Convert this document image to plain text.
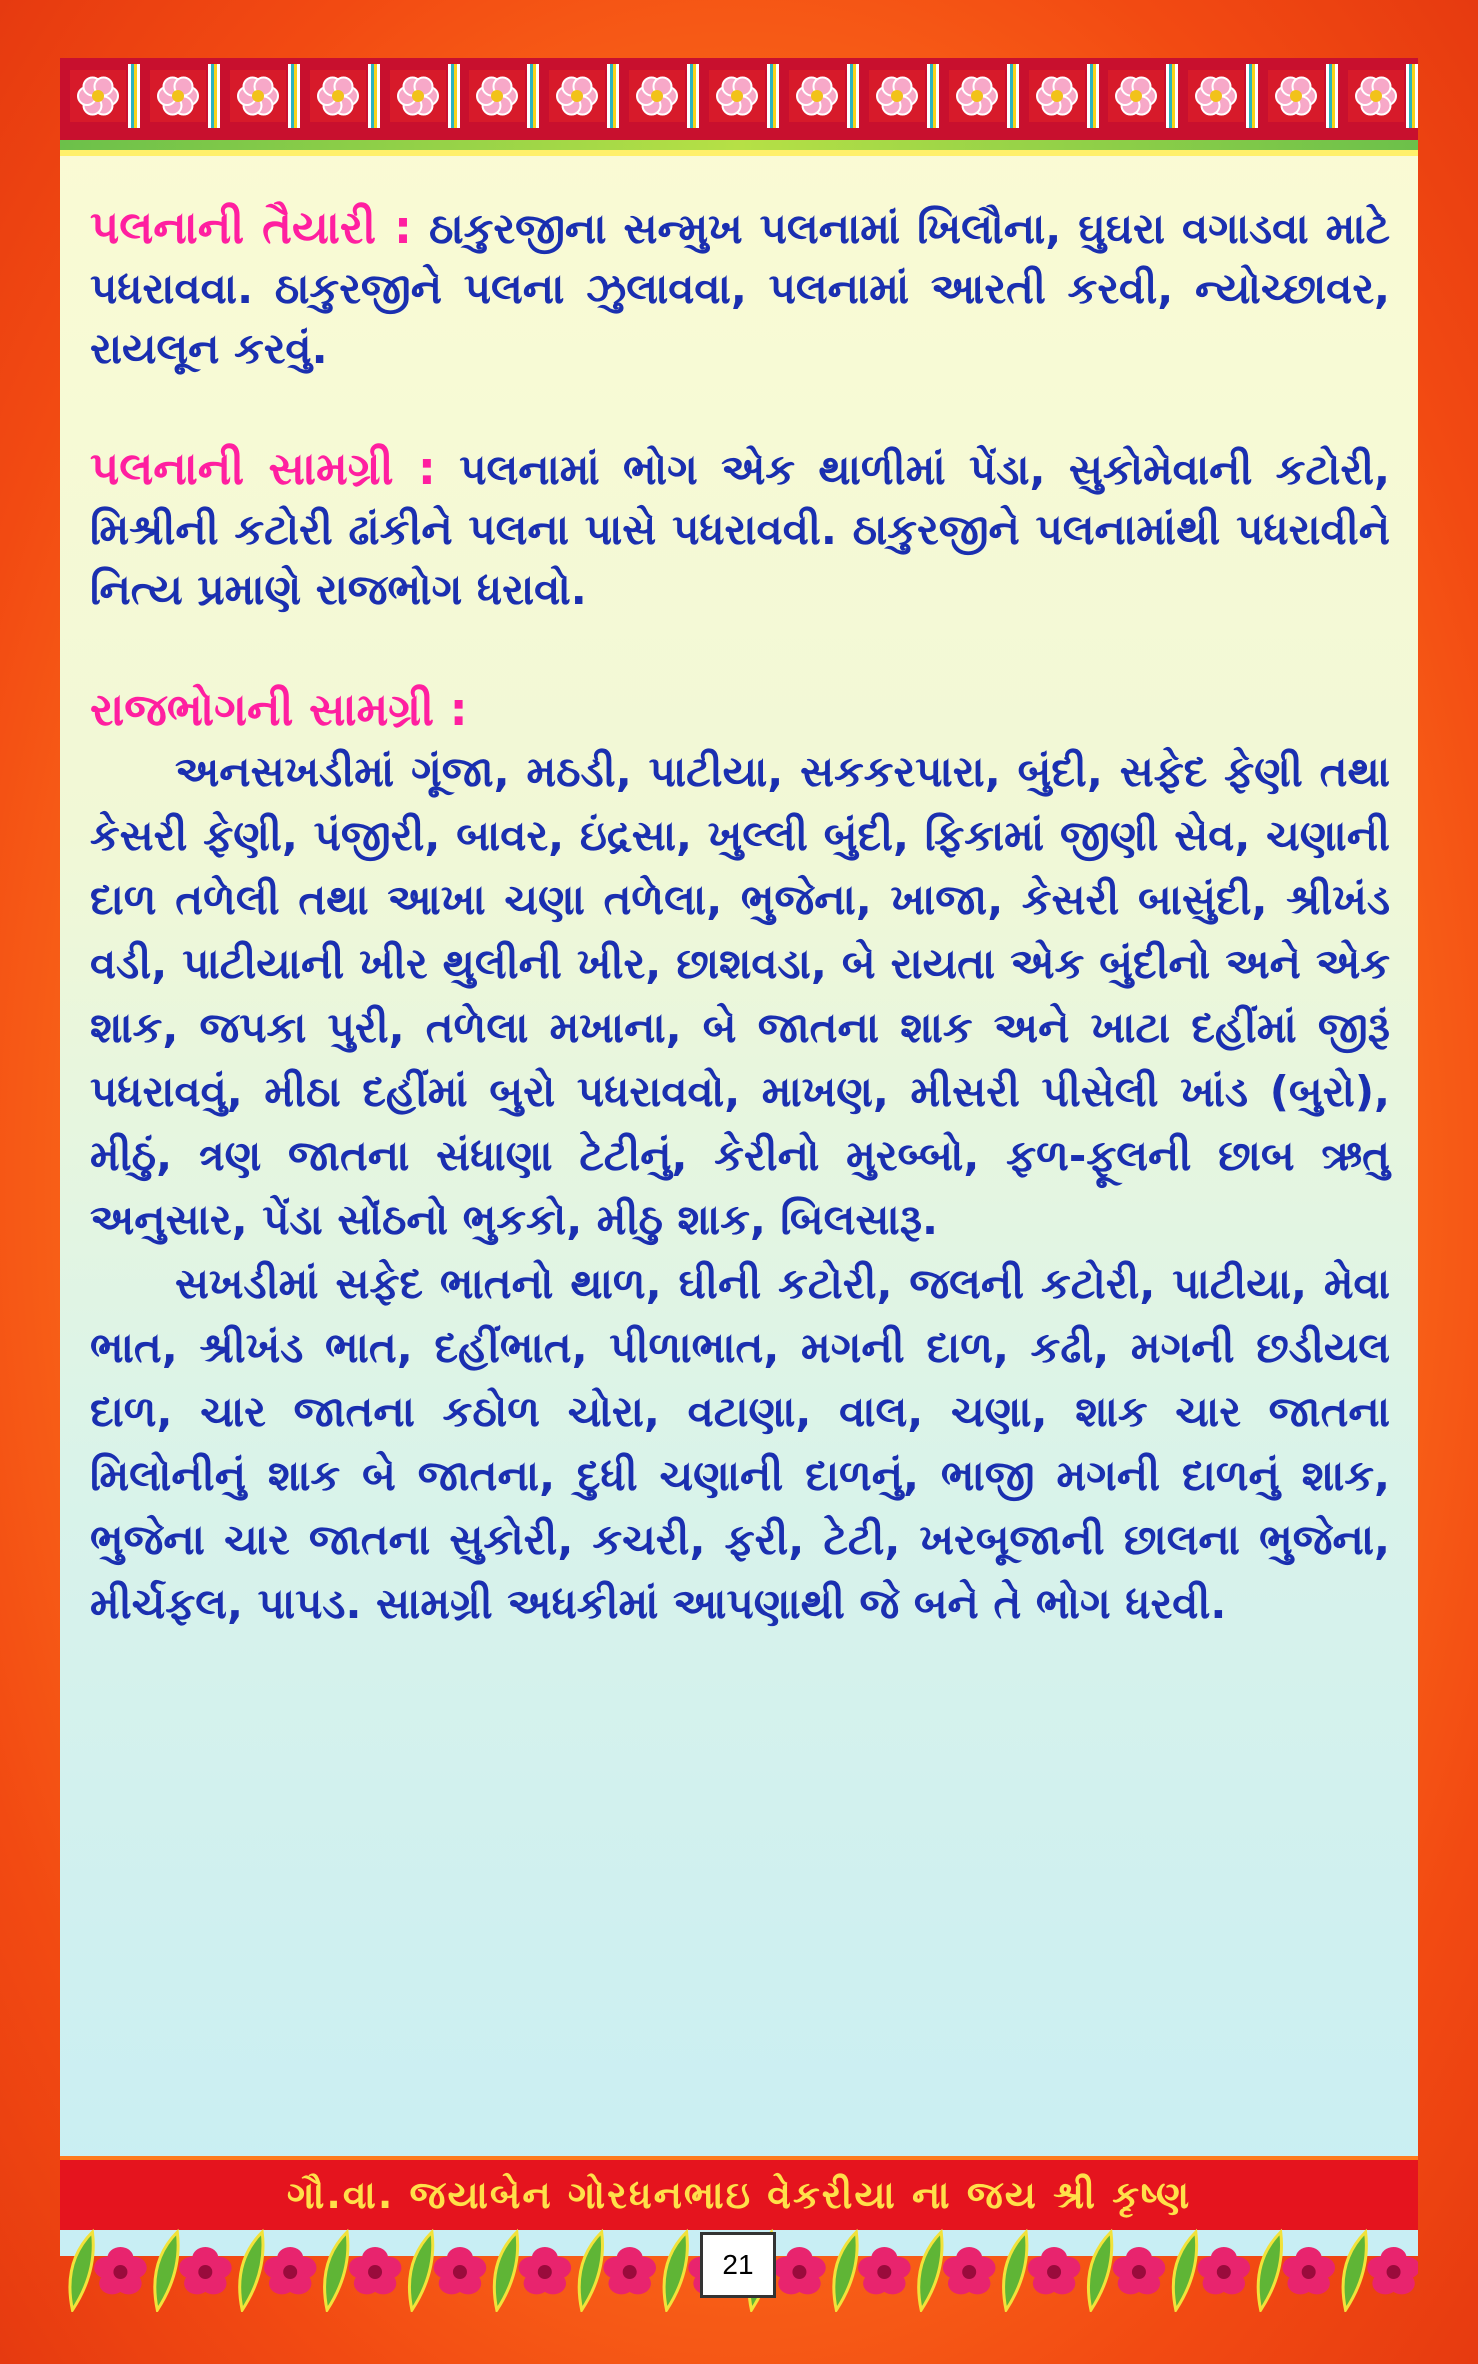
પલનાની તૈયારી : ઠાકુરજીના સન્મુખ પલનામાં ખિલૌના, ઘુઘરા વગાડવા માટે પધરાવવા. ઠાકુરજીને પલના ઝુલાવવા, પલનામાં આરતી કરવી, ન્યોચ્છાવર, રાયલૂન કરવું.

પલનાની સામગ્રી : પલનામાં ભોગ એક થાળીમાં પેંડા, સુકોમેવાની કટોરી, મિશ્રીની કટોરી ઢાંકીને પલના પાસે પધરાવવી. ઠાકુરજીને પલનામાંથી પધરાવીને નિત્ય પ્રમાણે રાજભોગ ધરાવો.

રાજભોગની સામગ્રી :

અનસખડીમાં ગૂંજા, મઠડી, પાટીયા, સકકરપારા, બુંદી, સફેદ ફેણી તથા કેસરી ફેણી, પંજીરી, બાવર, ઇંદ્રસા, ખુલ્લી બુંદી, ફિકામાં જીણી સેવ, ચણાની દાળ તળેલી તથા આખા ચણા તળેલા, ભુજેના, ખાજા, કેસરી બાસુંદી, શ્રીખંડ વડી, પાટીયાની ખીર થુલીની ખીર, છાશવડા, બે રાયતા એક બુંદીનો અને એક શાક, જપકા પુરી, તળેલા મખાના, બે જાતના શાક અને ખાટા દહીંમાં જીરૂં પધરાવવું, મીઠા દહીંમાં બુરો પધરાવવો, માખણ, મીસરી પીસેલી ખાંડ (બુરો), મીઠું, ત્રણ જાતના સંધાણા ટેટીનું, કેરીનો મુરબ્બો, ફળ-ફૂલની છાબ ઋતુ અનુસાર, પેંડા સોંઠનો ભુકકો, મીઠુ શાક, બિલસારૂ.

સખડીમાં સફેદ ભાતનો થાળ, ઘીની કટોરી, જલની કટોરી, પાટીયા, મેવા ભાત, શ્રીખંડ ભાત, દહીંભાત, પીળાભાત, મગની દાળ, કઢી, મગની છડીયલ દાળ, ચાર જાતના કઠોળ ચોરા, વટાણા, વાલ, ચણા, શાક ચાર જાતના મિલોનીનું શાક બે જાતના, દુધી ચણાની દાળનું, ભાજી મગની દાળનું શાક, ભુજેના ચાર જાતના સુકોરી, કચરી, ફરી, ટેટી, ખરબૂજાની છાલના ભુજેના, મીર્ચફલ, પાપડ. સામગ્રી અધકીમાં આપણાથી જે બને તે ભોગ ધરવી.

ગૌ.વા. જયાબેન ગોરધનભાઇ વેકરીયા ના જય શ્રી કૃષ્ણ
21
